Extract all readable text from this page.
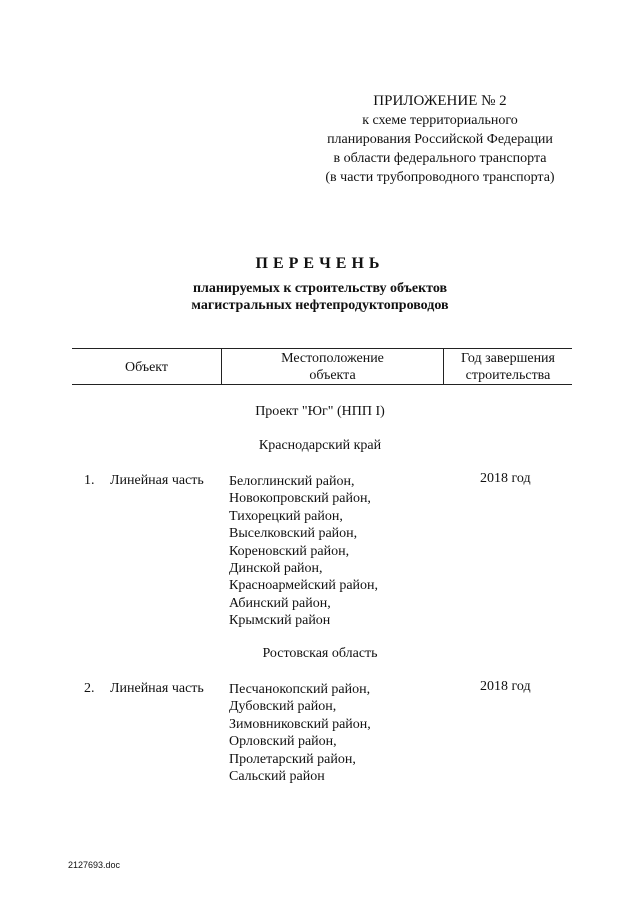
ПРИЛОЖЕНИЕ № 2
к схеме территориального
планирования Российской Федерации
в области федерального транспорта
(в части трубопроводного транспорта)
ПЕРЕЧЕНЬ
планируемых к строительству объектов
магистральных нефтепродуктопроводов
Объект
Местоположение
объекта
Год завершения
строительства
Проект "Юг" (НПП I)
Краснодарский край
1. Линейная часть	2018 год
Белоглинский район,
Новокопровский район,
Тихорецкий район,
Выселковский район,
Кореновский район,
Динской район,
Красноармейский район,
Абинский район,
Крымский район
Ростовская область
2. Линейная часть	2018 год
Песчанокопский район,
Дубовский район,
Зимовниковский район,
Орловский район,
Пролетарский район,
Сальский район
2127693.doc
